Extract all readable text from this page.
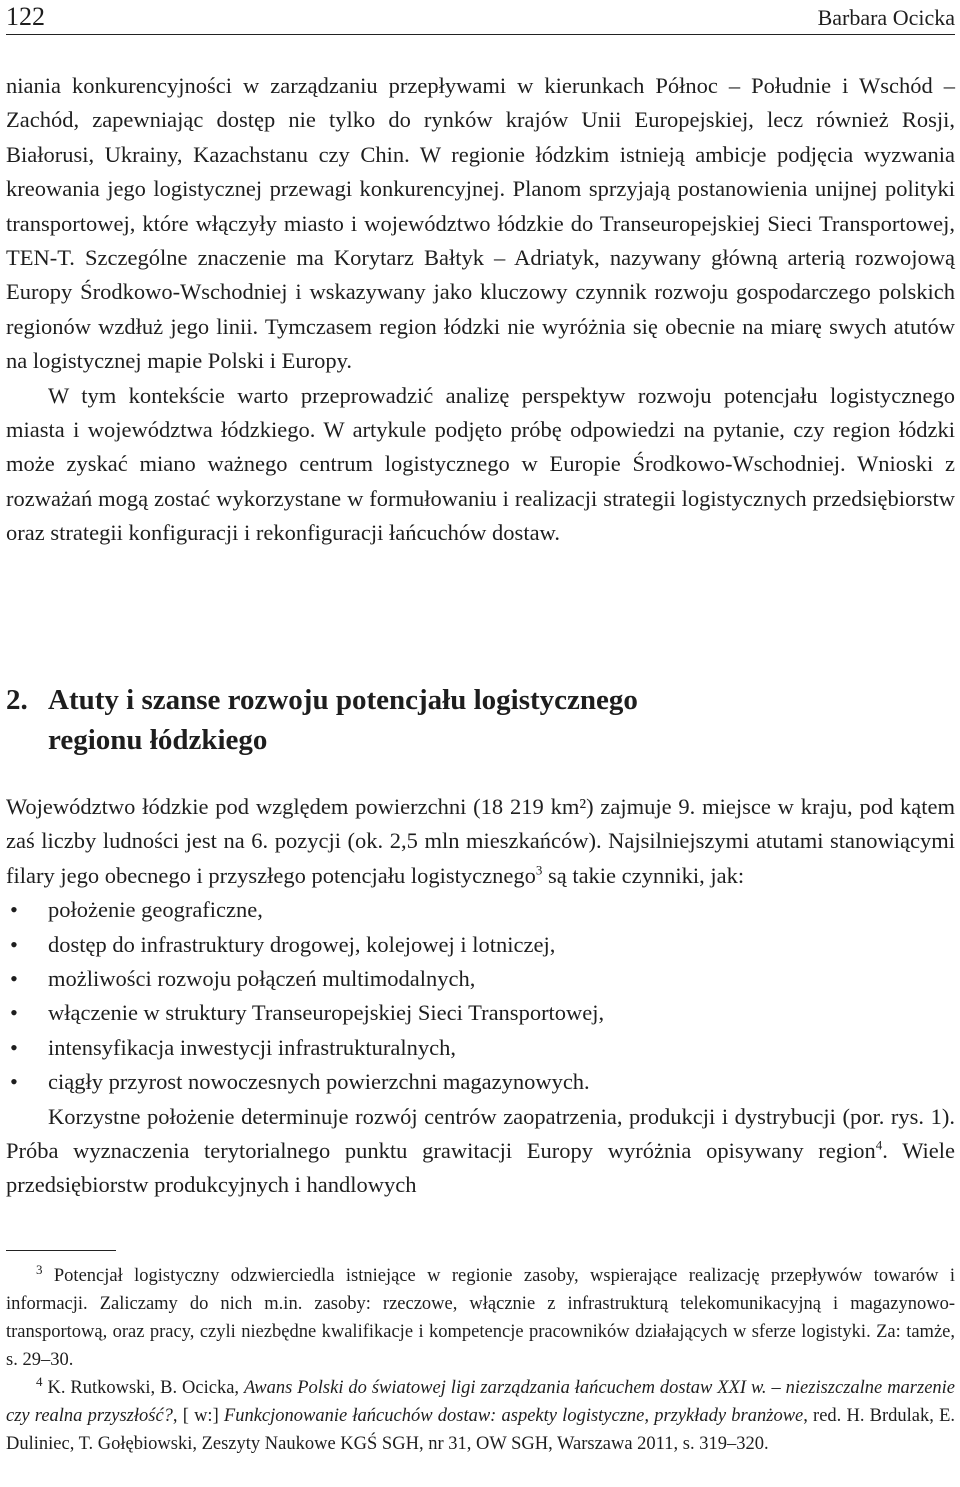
122	Barbara Ocicka

niania konkurencyjności w zarządzaniu przepływami w kierunkach Północ – Południe i Wschód – Zachód, zapewniając dostęp nie tylko do rynków krajów Unii Europejskiej, lecz również Rosji, Białorusi, Ukrainy, Kazachstanu czy Chin. W regionie łódzkim istnieją ambicje podjęcia wyzwania kreowania jego logistycznej przewagi konkurencyjnej. Planom sprzyjają postanowienia unijnej polityki transportowej, które włączyły miasto i województwo łódzkie do Transeuropejskiej Sieci Transportowej, TEN-T. Szczególne znaczenie ma Korytarz Bałtyk – Adriatyk, nazywany główną arterią rozwojową Europy Środkowo-Wschodniej i wskazywany jako kluczowy czynnik rozwoju gospodarczego polskich regionów wzdłuż jego linii. Tymczasem region łódzki nie wyróżnia się obecnie na miarę swych atutów na logistycznej mapie Polski i Europy.

W tym kontekście warto przeprowadzić analizę perspektyw rozwoju potencjału logistycznego miasta i województwa łódzkiego. W artykule podjęto próbę odpowiedzi na pytanie, czy region łódzki może zyskać miano ważnego centrum logistycznego w Europie Środkowo-Wschodniej. Wnioski z rozważań mogą zostać wykorzystane w formułowaniu i realizacji strategii logistycznych przedsiębiorstw oraz strategii konfiguracji i rekonfiguracji łańcuchów dostaw.

2. Atuty i szanse rozwoju potencjału logistycznego
regionu łódzkiego

Województwo łódzkie pod względem powierzchni (18 219 km²) zajmuje 9. miejsce w kraju, pod kątem zaś liczby ludności jest na 6. pozycji (ok. 2,5 mln mieszkańców). Najsilniejszymi atutami stanowiącymi filary jego obecnego i przyszłego potencjału logistycznego$^3$ są takie czynniki, jak:

• położenie geograficzne,
• dostęp do infrastruktury drogowej, kolejowej i lotniczej,
• możliwości rozwoju połączeń multimodalnych,
• włączenie w struktury Transeuropejskiej Sieci Transportowej,
• intensyfikacja inwestycji infrastrukturalnych,
• ciągły przyrost nowoczesnych powierzchni magazynowych.

Korzystne położenie determinuje rozwój centrów zaopatrzenia, produkcji i dystrybucji (por. rys. 1). Próba wyznaczenia terytorialnego punktu grawitacji Europy wyróżnia opisywany region$^4$. Wiele przedsiębiorstw produkcyjnych i handlowych

$^3$ Potencjał logistyczny odzwierciedla istniejące w regionie zasoby, wspierające realizację przepływów towarów i informacji. Zaliczamy do nich m.in. zasoby: rzeczowe, włącznie z infrastrukturą telekomunikacyjną i magazynowo-transportową, oraz pracy, czyli niezbędne kwalifikacje i kompetencje pracowników działających w sferze logistyki. Za: tamże, s. 29–30.

$^4$ K. Rutkowski, B. Ocicka, Awans Polski do światowej ligi zarządzania łańcuchem dostaw XXI w. – nieziszczalne marzenie czy realna przyszłość?, [ w:] Funkcjonowanie łańcuchów dostaw: aspekty logistyczne, przykłady branżowe, red. H. Brdulak, E. Duliniec, T. Gołębiowski, Zeszyty Naukowe KGŚ SGH, nr 31, OW SGH, Warszawa 2011, s. 319–320.
